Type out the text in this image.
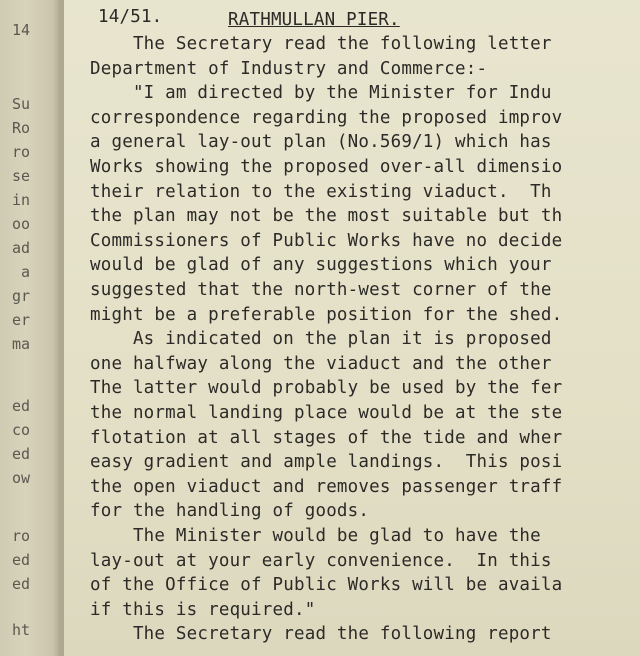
14
Su
Ro
ro
se
in
oo
ad
a
gr
er
ma
ed
co
ed
ow
ro
ed
ed
ht
14/51.	RATHMULLAN PIER.
The Secretary read the following letter
Department of Industry and Commerce:-
"I am directed by the Minister for Indu
correspondence regarding the proposed improv
a general lay-out plan (No.569/1) which has
Works showing the proposed over-all dimensio
their relation to the existing viaduct.  Th
the plan may not be the most suitable but th
Commissioners of Public Works have no decide
would be glad of any suggestions which your
suggested that the north-west corner of the
might be a preferable position for the shed.
As indicated on the plan it is proposed
one halfway along the viaduct and the other
The latter would probably be used by the fer
the normal landing place would be at the ste
flotation at all stages of the tide and wher
easy gradient and ample landings.  This posi
the open viaduct and removes passenger traff
for the handling of goods.
The Minister would be glad to have the
lay-out at your early convenience.  In this
of the Office of Public Works will be availa
if this is required."
The Secretary read the following report
